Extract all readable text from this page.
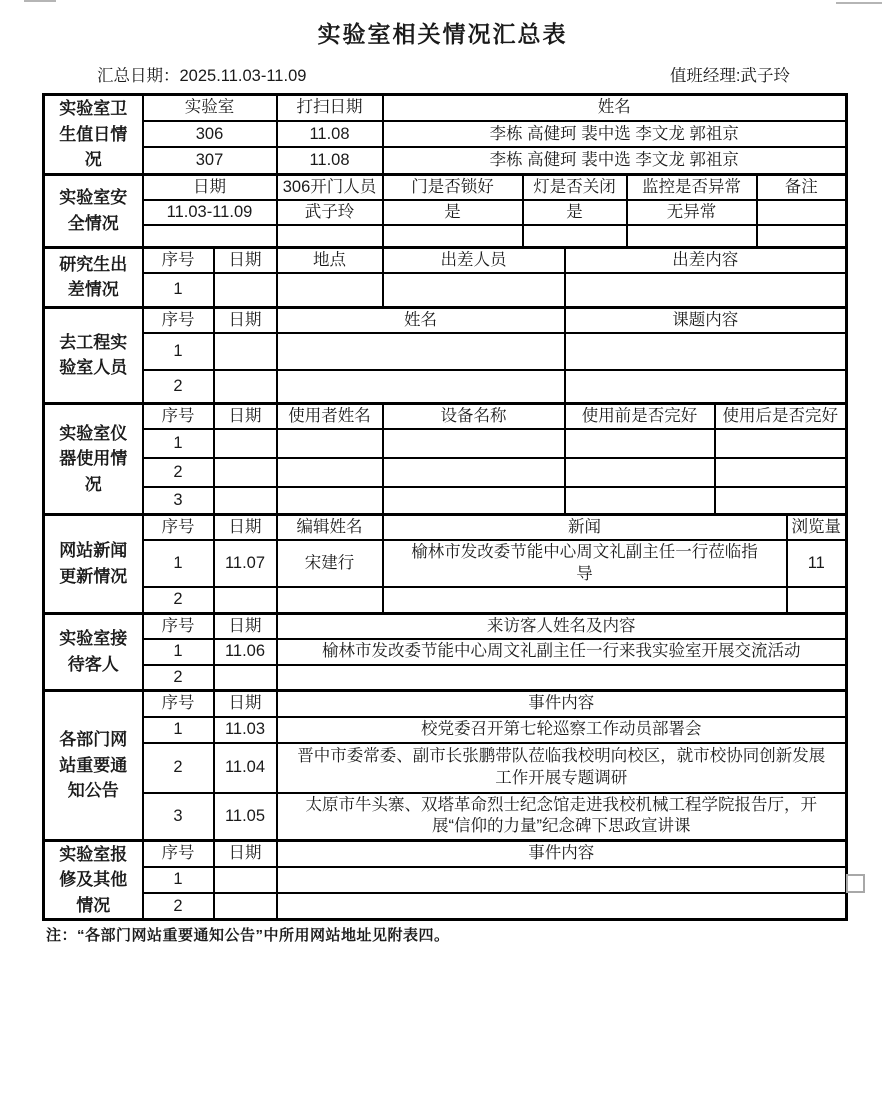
实验室相关情况汇总表
汇总日期：2025.11.03-11.09	值班经理:武子玲
实验室卫生值日情况	实验室		打扫日期	姓名						
	306		11.08	李栋 高健珂 裴中选 李文龙 郭祖京						
	307		11.08	李栋 高健珂 裴中选 李文龙 郭祖京						
实验室安全情况	日期		306开门人员	门是否锁好	灯是否关闭		监控是否异常		备注	
	11.03-11.09		武子玲	是	是		无异常			

研究生出差情况	序号	日期	地点	出差人员		出差内容				
	1									
去工程实验室人员	序号	日期	姓名			课题内容				
	1									
	2									
实验室仪器使用情况	序号	日期	使用者姓名	设备名称		使用前是否完好		使用后是否完好		
	1									
	2									
	3									
网站新闻更新情况	序号	日期	编辑姓名	新闻						浏览量
	1	11.07	宋建行	榆林市发改委节能中心周文礼副主任一行莅临指导						11
	2									
实验室接待客人	序号	日期	来访客人姓名及内容							
	1	11.06	榆林市发改委节能中心周文礼副主任一行来我实验室开展交流活动							
	2									
各部门网站重要通知公告	序号	日期	事件内容							
	1	11.03	校党委召开第七轮巡察工作动员部署会							
	2	11.04	晋中市委常委、副市长张鹏带队莅临我校明向校区，就市校协同创新发展工作开展专题调研							
	3	11.05	太原市牛头寨、双塔革命烈士纪念馆走进我校机械工程学院报告厅，开展“信仰的力量”纪念碑下思政宣讲课							
实验室报修及其他情况	序号	日期	事件内容							
	1									
	2									
注：“各部门网站重要通知公告”中所用网站地址见附表四。
